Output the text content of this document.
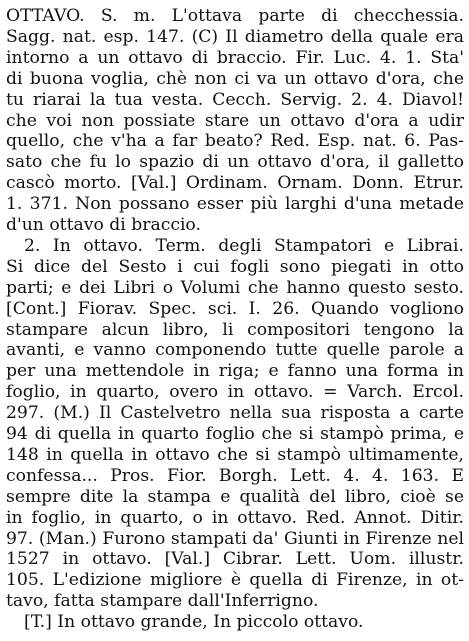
OTTAVO. S. m. L'ottava parte di checchessia.
Sagg. nat. esp. 147. (C) Il diametro della quale era
intorno a un ottavo di braccio. Fir. Luc. 4. 1. Sta'
di buona voglia, chè non ci va un ottavo d'ora, che
tu riarai la tua vesta. Cecch. Servig. 2. 4. Diavol!
che voi non possiate stare un ottavo d'ora a udir
quello, che v'ha a far beato? Red. Esp. nat. 6. Pas-
sato che fu lo spazio di un ottavo d'ora, il galletto
cascò morto. [Val.] Ordinam. Ornam. Donn. Etrur.
1. 371. Non possano esser più larghi d'una metade
d'un ottavo di braccio.
2. In ottavo. Term. degli Stampatori e Librai.
Si dice del Sesto i cui fogli sono piegati in otto
parti; e dei Libri o Volumi che hanno questo sesto.
[Cont.] Fiorav. Spec. sci. I. 26. Quando vogliono
stampare alcun libro, li compositori tengono la
avanti, e vanno componendo tutte quelle parole a
per una mettendole in riga; e fanno una forma in
foglio, in quarto, overo in ottavo. = Varch. Ercol.
297. (M.) Il Castelvetro nella sua risposta a carte
94 di quella in quarto foglio che si stampò prima, e
148 in quella in ottavo che si stampò ultimamente,
confessa... Pros. Fior. Borgh. Lett. 4. 4. 163. E
sempre dite la stampa e qualità del libro, cioè se
in foglio, in quarto, o in ottavo. Red. Annot. Ditir.
97. (Man.) Furono stampati da' Giunti in Firenze nel
1527 in ottavo. [Val.] Cibrar. Lett. Uom. illustr.
105. L'edizione migliore è quella di Firenze, in ot-
tavo, fatta stampare dall'Inferrigno.
[T.] In ottavo grande, In piccolo ottavo.
